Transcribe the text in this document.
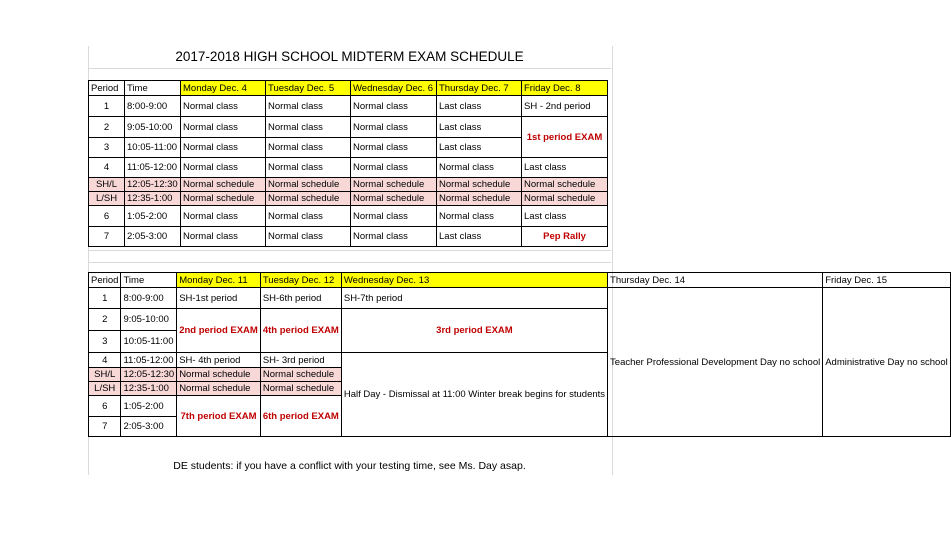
2017-2018 HIGH SCHOOL MIDTERM EXAM SCHEDULE
Period	Time	Monday Dec. 4	Tuesday Dec. 5	Wednesday Dec. 6	Thursday Dec. 7	Friday Dec. 8
1	8:00-9:00	Normal class	Normal class	Normal class	Last class	SH - 2nd period
2	9:05-10:00	Normal class	Normal class	Normal class	Last class	1st period EXAM
3	10:05-11:00	Normal class	Normal class	Normal class	Last class	
4	11:05-12:00	Normal class	Normal class	Normal class	Normal class	Last class
SH/L	12:05-12:30	Normal schedule	Normal schedule	Normal schedule	Normal schedule	Normal schedule
L/SH	12:35-1:00	Normal schedule	Normal schedule	Normal schedule	Normal schedule	Normal schedule
6	1:05-2:00	Normal class	Normal class	Normal class	Normal class	Last class
7	2:05-3:00	Normal class	Normal class	Normal class	Last class	Pep Rally
Period	Time	Monday Dec. 11	Tuesday Dec. 12	Wednesday Dec. 13	Thursday Dec. 14	Friday Dec. 15
1	8:00-9:00	SH-1st period	SH-6th period	SH-7th period	Teacher Professional Development Day no school	Administrative Day no school
2	9:05-10:00	2nd period EXAM	4th period EXAM	3rd period EXAM		
3	10:05-11:00					
4	11:05-12:00	SH- 4th period	SH- 3rd period	Half Day - Dismissal at 11:00 Winter break begins for students		
SH/L	12:05-12:30	Normal schedule	Normal schedule			
L/SH	12:35-1:00	Normal schedule	Normal schedule			
6	1:05-2:00	7th period EXAM	6th period EXAM			
7	2:05-3:00					
DE students: if you have a conflict with your testing time, see Ms. Day asap.
